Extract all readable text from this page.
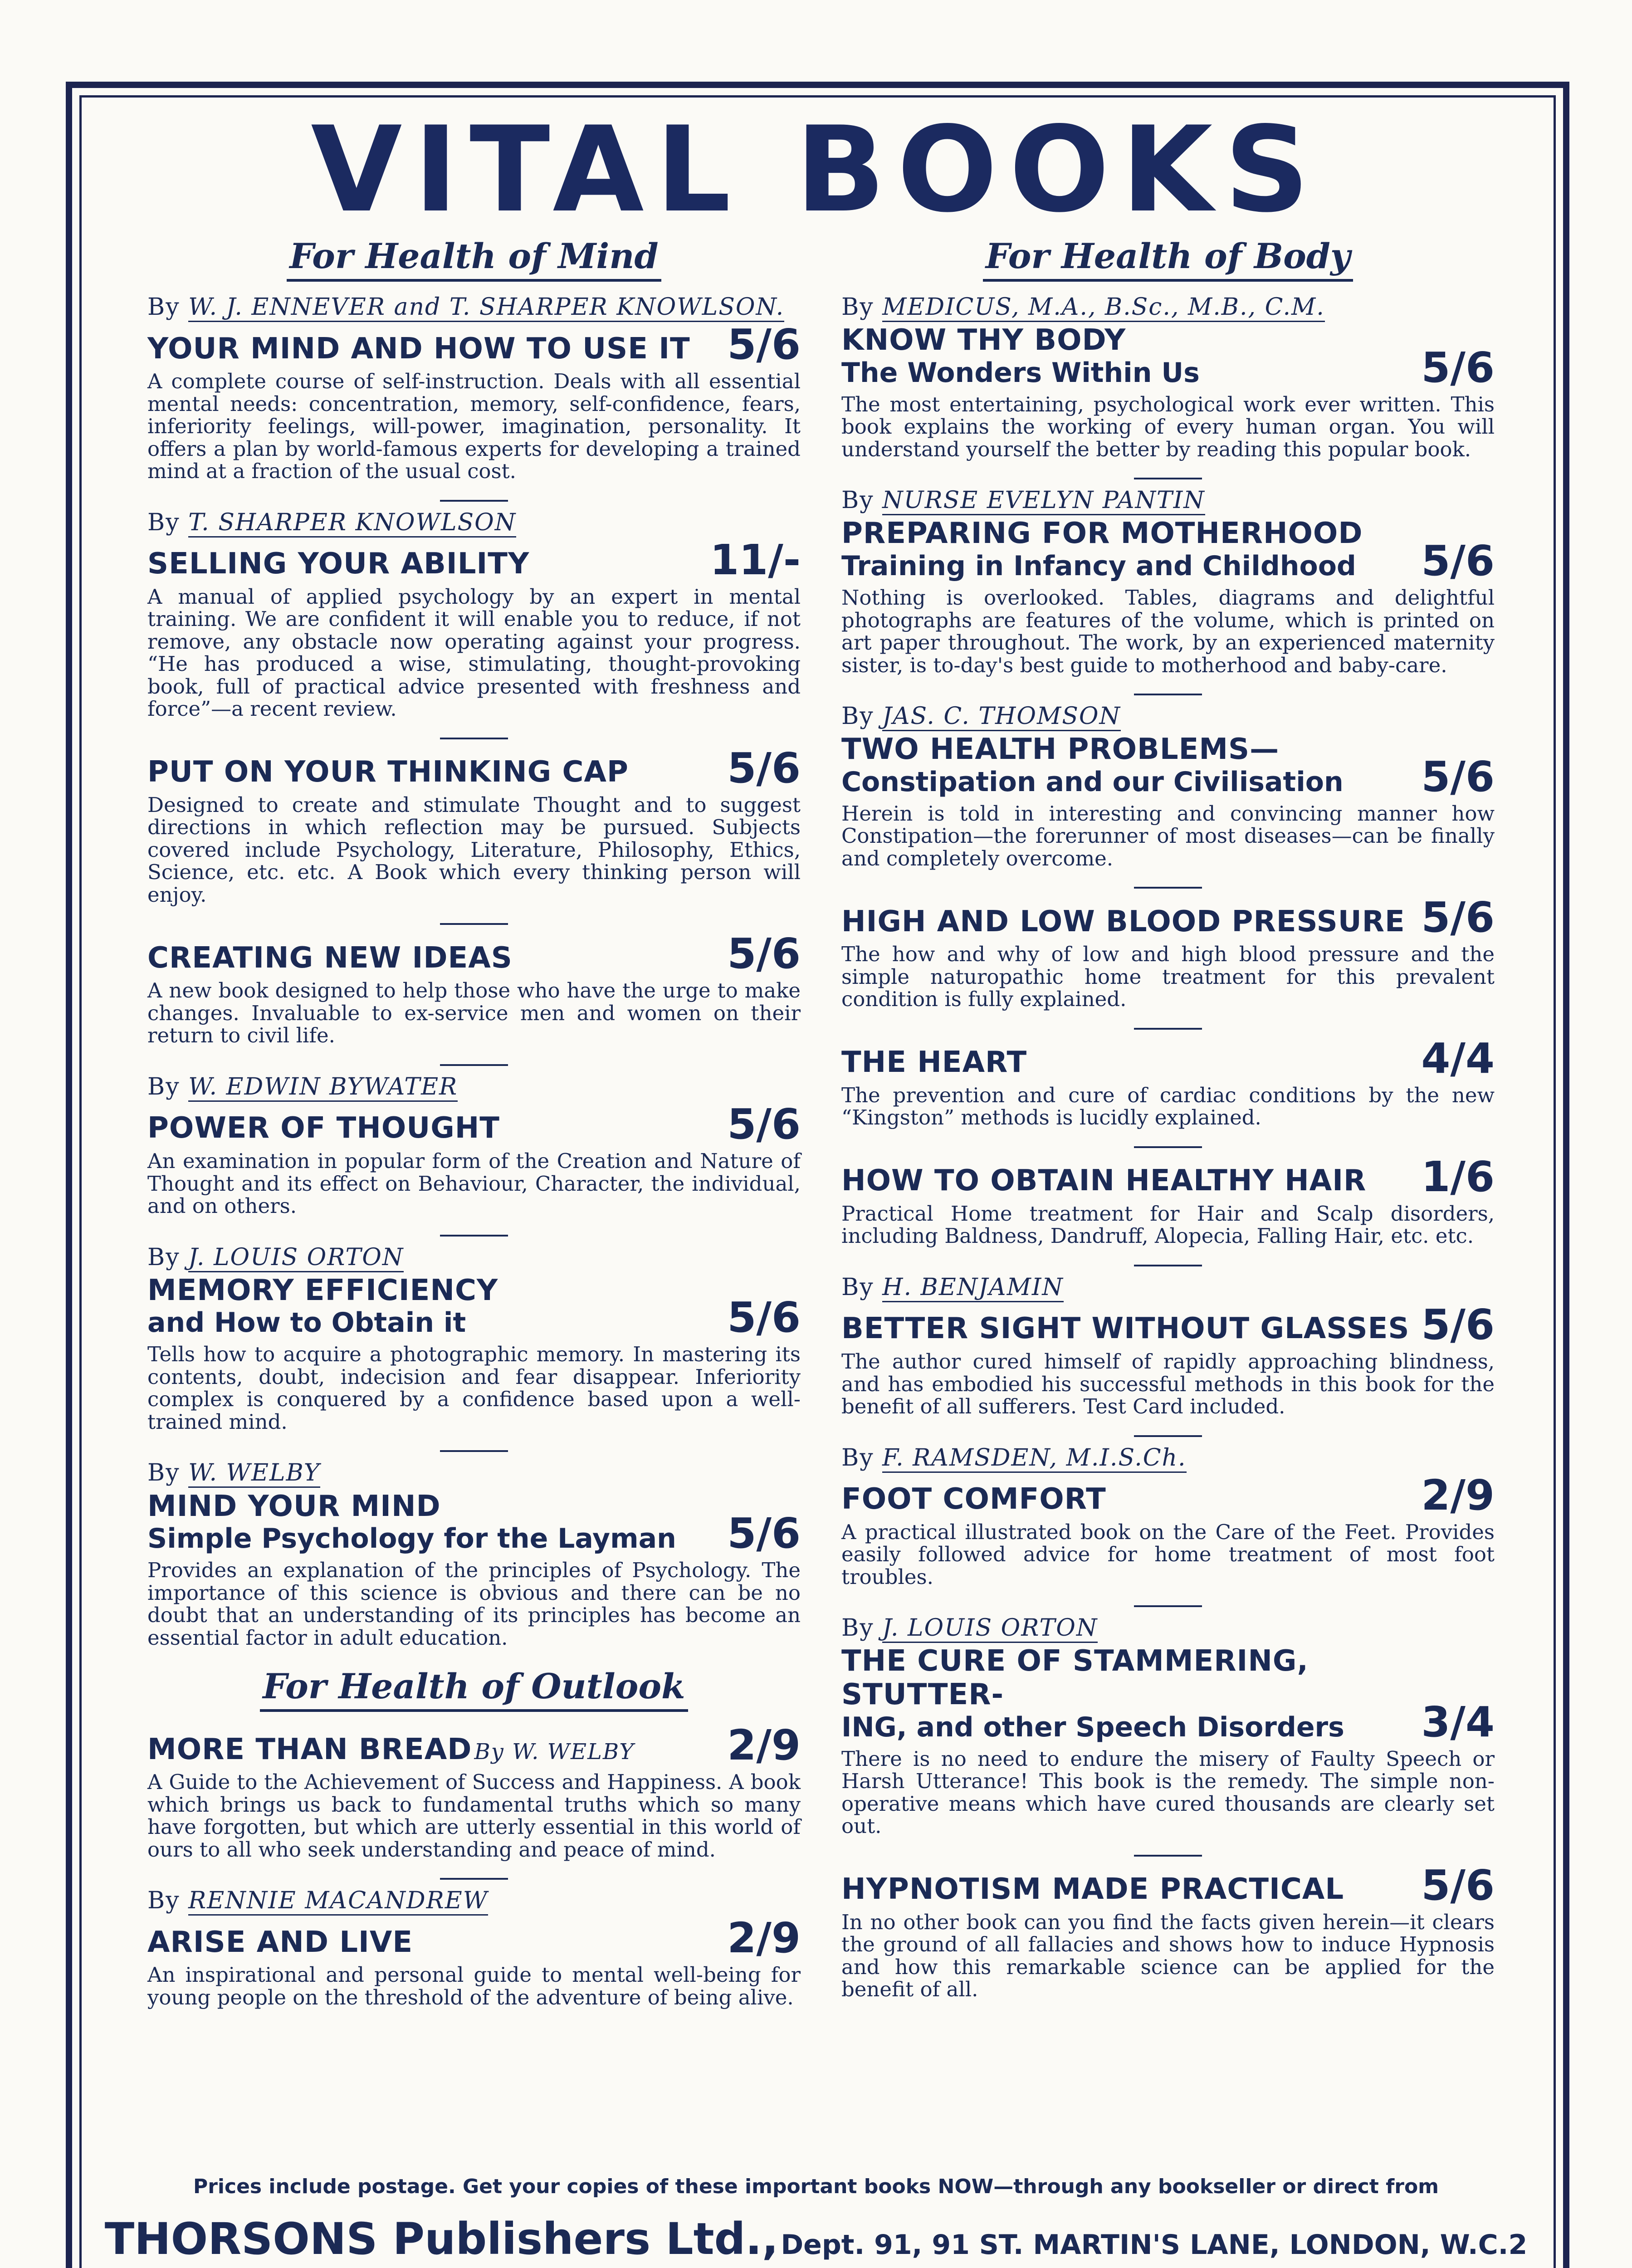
VITAL BOOKS
For Health of Mind
By W. J. ENNEVER and T. SHARPER KNOWLSON.
YOUR MIND AND HOW TO USE IT 5/6
A complete course of self-instruction. Deals with all essential mental needs: concentration, memory, self-confidence, fears, inferiority feelings, will-power, imagination, personality. It offers a plan by world-famous experts for developing a trained mind at a fraction of the usual cost.
By T. SHARPER KNOWLSON
SELLING YOUR ABILITY	11/-
A manual of applied psychology by an expert in mental training. We are confident it will enable you to reduce, if not remove, any obstacle now operating against your progress. “He has produced a wise, stimulating, thought-provoking book, full of practical advice presented with freshness and force”—a recent review.
PUT ON YOUR THINKING CAP 5/6
Designed to create and stimulate Thought and to suggest directions in which reflection may be pursued. Subjects covered include Psychology, Literature, Philosophy, Ethics, Science, etc. etc. A Book which every thinking person will enjoy.
CREATING NEW IDEAS	5/6
A new book designed to help those who have the urge to make changes. Invaluable to ex-service men and women on their return to civil life.
By W. EDWIN BYWATER
POWER OF THOUGHT	5/6
An examination in popular form of the Creation and Nature of Thought and its effect on Behaviour, Character, the individual, and on others.
By J. LOUIS ORTON
MEMORY EFFICIENCY
and How to Obtain it	5/6
Tells how to acquire a photographic memory. In mastering its contents, doubt, indecision and fear disappear. Inferiority complex is conquered by a confidence based upon a well-trained mind.
By W. WELBY
MIND YOUR MIND
Simple Psychology for the Layman 5/6
Provides an explanation of the principles of Psychology. The importance of this science is obvious and there can be no doubt that an understanding of its principles has become an essential factor in adult education.
For Health of Outlook
MORE THAN BREAD By W. WELBY 2/9
A Guide to the Achievement of Success and Happiness. A book which brings us back to fundamental truths which so many have forgotten, but which are utterly essential in this world of ours to all who seek understanding and peace of mind.
By RENNIE MACANDREW
ARISE AND LIVE	2/9
An inspirational and personal guide to mental well-being for young people on the threshold of the adventure of being alive.
For Health of Body
By MEDICUS, M.A., B.Sc., M.B., C.M.
KNOW THY BODY
The Wonders Within Us	5/6
The most entertaining, psychological work ever written. This book explains the working of every human organ. You will understand yourself the better by reading this popular book.
By NURSE EVELYN PANTIN
PREPARING FOR MOTHERHOOD
Training in Infancy and Childhood 5/6
Nothing is overlooked. Tables, diagrams and delightful photographs are features of the volume, which is printed on art paper throughout. The work, by an experienced maternity sister, is to-day's best guide to motherhood and baby-care.
By JAS. C. THOMSON
TWO HEALTH PROBLEMS—
Constipation and our Civilisation 5/6
Herein is told in interesting and convincing manner how Constipation—the forerunner of most diseases—can be finally and completely overcome.
HIGH AND LOW BLOOD PRESSURE 5/6
The how and why of low and high blood pressure and the simple naturopathic home treatment for this prevalent condition is fully explained.
THE HEART	4/4
The prevention and cure of cardiac conditions by the new “Kingston” methods is lucidly explained.
HOW TO OBTAIN HEALTHY HAIR 1/6
Practical Home treatment for Hair and Scalp disorders, including Baldness, Dandruff, Alopecia, Falling Hair, etc. etc.
By H. BENJAMIN
BETTER SIGHT WITHOUT GLASSES 5/6
The author cured himself of rapidly approaching blindness, and has embodied his successful methods in this book for the benefit of all sufferers. Test Card included.
By F. RAMSDEN, M.I.S.Ch.
FOOT COMFORT	2/9
A practical illustrated book on the Care of the Feet. Provides easily followed advice for home treatment of most foot troubles.
By J. LOUIS ORTON
THE CURE OF STAMMERING, STUTTER-
ING, and other Speech Disorders	3/4
There is no need to endure the misery of Faulty Speech or Harsh Utterance! This book is the remedy. The simple non-operative means which have cured thousands are clearly set out.
HYPNOTISM MADE PRACTICAL 5/6
In no other book can you find the facts given herein—it clears the ground of all fallacies and shows how to induce Hypnosis and how this remarkable science can be applied for the benefit of all.
Prices include postage. Get your copies of these important books NOW—through any bookseller or direct from
THORSONS Publishers Ltd., Dept. 91, 91 ST. MARTIN'S LANE, LONDON, W.C.2
